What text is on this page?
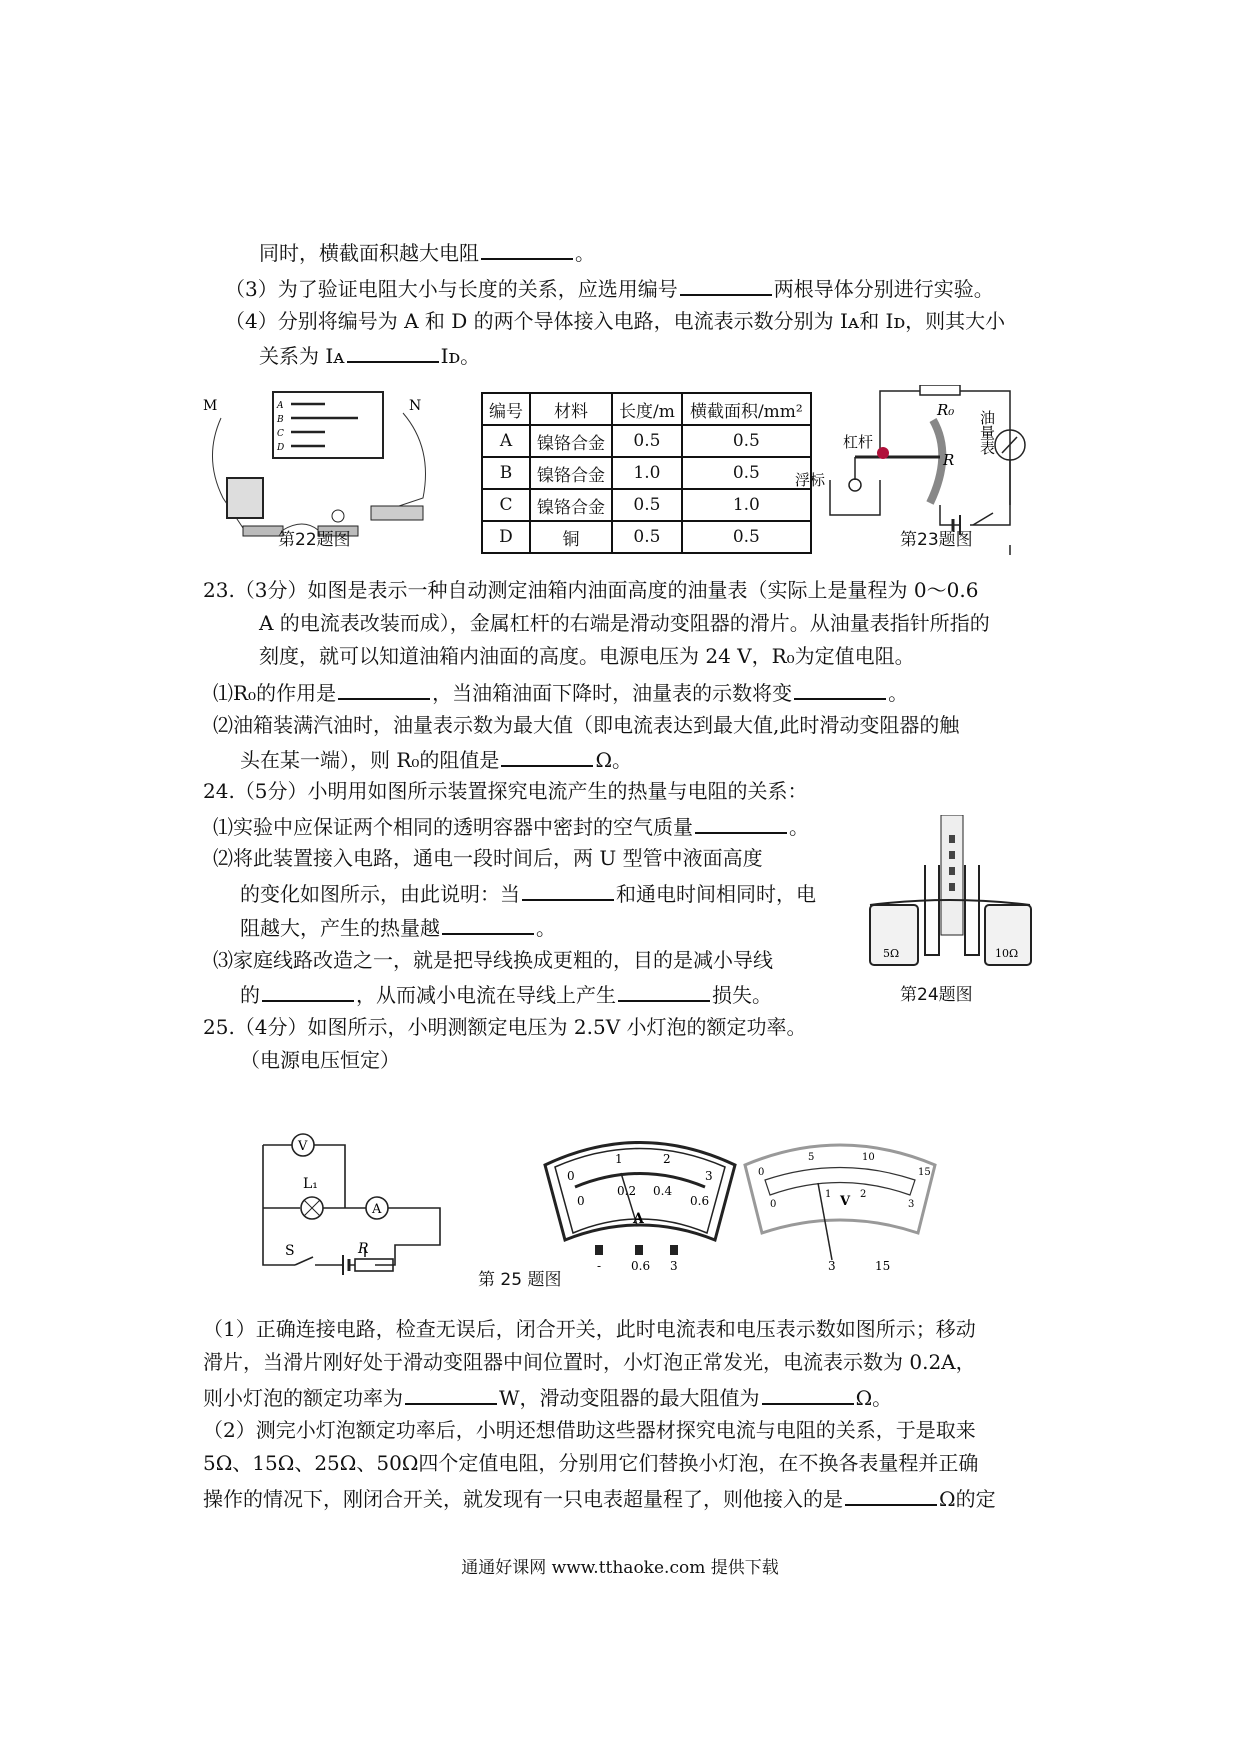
同时，横截面积越大电阻	。
（3）为了验证电阻大小与长度的关系，应选用编号	两根导体分别进行实验。
（4）分别将编号为 A 和 D 的两个导体接入电路，电流表示数分别为 Iᴀ和 Iᴅ，则其大小
关系为 Iᴀ	Iᴅ。
23.（3分）如图是表示一种自动测定油箱内油面高度的油量表（实际上是量程为 0～0.6
A 的电流表改装而成），金属杠杆的右端是滑动变阻器的滑片。从油量表指针所指的
刻度，就可以知道油箱内油面的高度。电源电压为 24 V，R₀为定值电阻。
⑴R₀的作用是	，当油箱油面下降时，油量表的示数将变	。
⑵油箱装满汽油时，油量表示数为最大值（即电流表达到最大值,此时滑动变阻器的触
头在某一端），则 R₀的阻值是	Ω。
24.（5分）小明用如图所示装置探究电流产生的热量与电阻的关系：
⑴实验中应保证两个相同的透明容器中密封的空气质量	。
⑵将此装置接入电路，通电一段时间后，两 U 型管中液面高度
的变化如图所示，由此说明：当	和通电时间相同时，电
阻越大，产生的热量越	。
⑶家庭线路改造之一，就是把导线换成更粗的，目的是减小导线
的	，从而减小电流在导线上产生	损失。
25.（4分）如图所示，小明测额定电压为 2.5V 小灯泡的额定功率。
（电源电压恒定）
（1）正确连接电路，检查无误后，闭合开关，此时电流表和电压表示数如图所示；移动
滑片，当滑片刚好处于滑动变阻器中间位置时，小灯泡正常发光，电流表示数为 0.2A，
则小灯泡的额定功率为	W，滑动变阻器的最大阻值为	Ω。
（2）测完小灯泡额定功率后，小明还想借助这些器材探究电流与电阻的关系，于是取来
5Ω、15Ω、25Ω、50Ω四个定值电阻，分别用它们替换小灯泡，在不换各表量程并正确
操作的情况下，刚闭合开关，就发现有一只电表超量程了，则他接入的是	Ω的定
M	N
A
B
C
D
第22题图
编号	材料	长度/m	横截面积/mm²
A	镍铬合金	0.5	0.5
B	镍铬合金	1.0	0.5
C	镍铬合金	0.5	1.0
D	铜	0.5	0.5
R₀
R
杠杆
浮标
油量表
第23题图
5Ω	10Ω
第24题图
V
A
L₁
S	R
第 25 题图
0
1	2
3
0
0.2 0.4
0.6
A
- 0.6 3
0
5	10
15
0
1	2
3
V
3	15
通通好课网 www.tthaoke.com 提供下载
